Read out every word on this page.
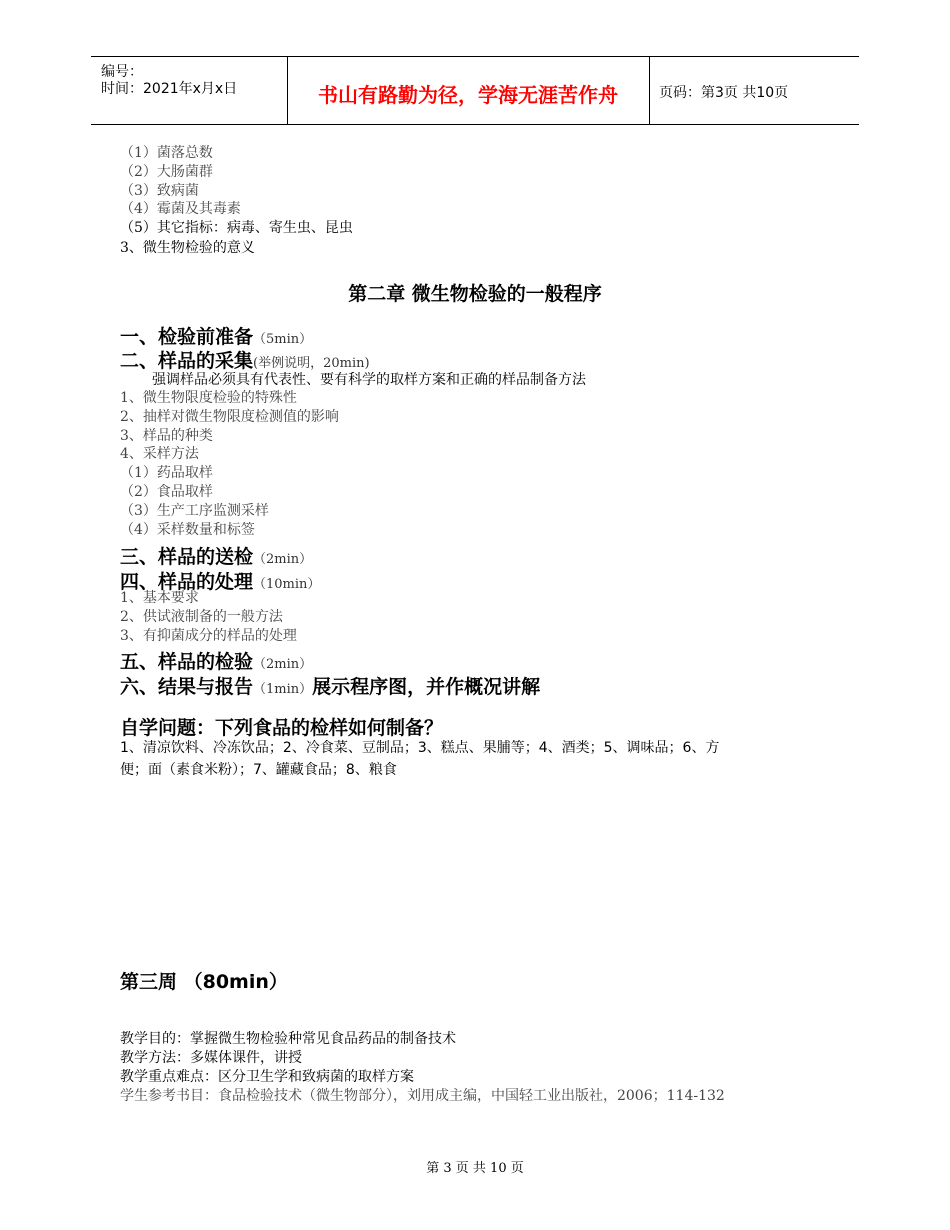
编号：
时间：2021年x月x日	书山有路勤为径，学海无涯苦作舟	页码：第3页 共10页
（1）菌落总数
（2）大肠菌群
（3）致病菌
（4）霉菌及其毒素
（5）其它指标：病毒、寄生虫、昆虫
3、微生物检验的意义
第二章 微生物检验的一般程序
一、检验前准备（5min）
二、样品的采集(举例说明，20min)
强调样品必须具有代表性、要有科学的取样方案和正确的样品制备方法
1、微生物限度检验的特殊性
2、抽样对微生物限度检测值的影响
3、样品的种类
4、采样方法
（1）药品取样
（2）食品取样
（3）生产工序监测采样
（4）采样数量和标签
三、样品的送检（2min）
四、样品的处理（10min）
1、基本要求
2、供试液制备的一般方法
3、有抑菌成分的样品的处理
五、样品的检验（2min）
六、结果与报告（1min）展示程序图，并作概况讲解
自学问题：下列食品的检样如何制备？
1、清凉饮料、冷冻饮品；2、冷食菜、豆制品；3、糕点、果脯等；4、酒类；5、调味品；6、方
便；面（素食米粉）；7、罐藏食品；8、粮食
第三周 （80min）
教学目的：掌握微生物检验种常见食品药品的制备技术
教学方法：多媒体课件，讲授
教学重点难点：区分卫生学和致病菌的取样方案
学生参考书目：食品检验技术（微生物部分），刘用成主编，中国轻工业出版社，2006；114-132
第 3 页 共 10 页
